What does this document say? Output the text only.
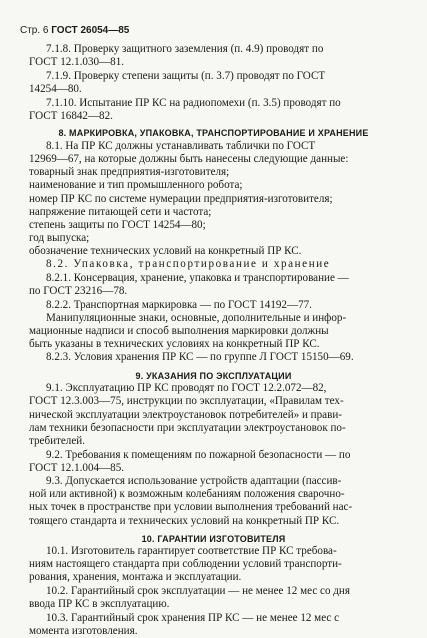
Стр. 6 ГОСТ 26054—85
7.1.8. Проверку защитного заземления (п. 4.9) проводят по
ГОСТ 12.1.030—81.
7.1.9. Проверку степени защиты (п. 3.7) проводят по ГОСТ
14254—80.
7.1.10. Испытание ПР КС на радиопомехи (п. 3.5) проводят по
ГОСТ 16842—82.
8. МАРКИРОВКА, УПАКОВКА, ТРАНСПОРТИРОВАНИЕ И ХРАНЕНИЕ
8.1. На ПР КС должны устанавливать таблички по ГОСТ
12969—67, на которые должны быть нанесены следующие данные:
товарный знак предприятия-изготовителя;
наименование и тип промышленного робота;
номер ПР КС по системе нумерации предприятия-изготовителя;
напряжение питающей сети и частота;
степень защиты по ГОСТ 14254—80;
год выпуска;
обозначение технических условий на конкретный ПР КС.
8.2. Упаковка, транспортирование и хранение
8.2.1. Консервация, хранение, упаковка и транспортирование —
по ГОСТ 23216—78.
8.2.2. Транспортная маркировка — по ГОСТ 14192—77.
Манипуляционные знаки, основные, дополнительные и инфор-
мационные надписи и способ выполнения маркировки должны
быть указаны в технических условиях на конкретный ПР КС.
8.2.3. Условия хранения ПР КС — по группе Л ГОСТ 15150—69.
9. УКАЗАНИЯ ПО ЭКСПЛУАТАЦИИ
9.1. Эксплуатацию ПР КС проводят по ГОСТ 12.2.072—82,
ГОСТ 12.3.003—75, инструкции по эксплуатации, «Правилам тех-
нической эксплуатации электроустановок потребителей» и прави-
лам техники безопасности при эксплуатации электроустановок по-
требителей.
9.2. Требования к помещениям по пожарной безопасности — по
ГОСТ 12.1.004—85.
9.3. Допускается использование устройств адаптации (пассив-
ной или активной) к возможным колебаниям положения сварочно-
ных точек в пространстве при условии выполнения требований нас-
тоящего стандарта и технических условий на конкретный ПР КС.
10. ГАРАНТИИ ИЗГОТОВИТЕЛЯ
10.1. Изготовитель гарантирует соответствие ПР КС требова-
ниям настоящего стандарта при соблюдении условий транспорти-
рования, хранения, монтажа и эксплуатации.
10.2. Гарантийный срок эксплуатации — не менее 12 мес со дня
ввода ПР КС в эксплуатацию.
10.3. Гарантийный срок хранения ПР КС — не менее 12 мес с
момента изготовления.
